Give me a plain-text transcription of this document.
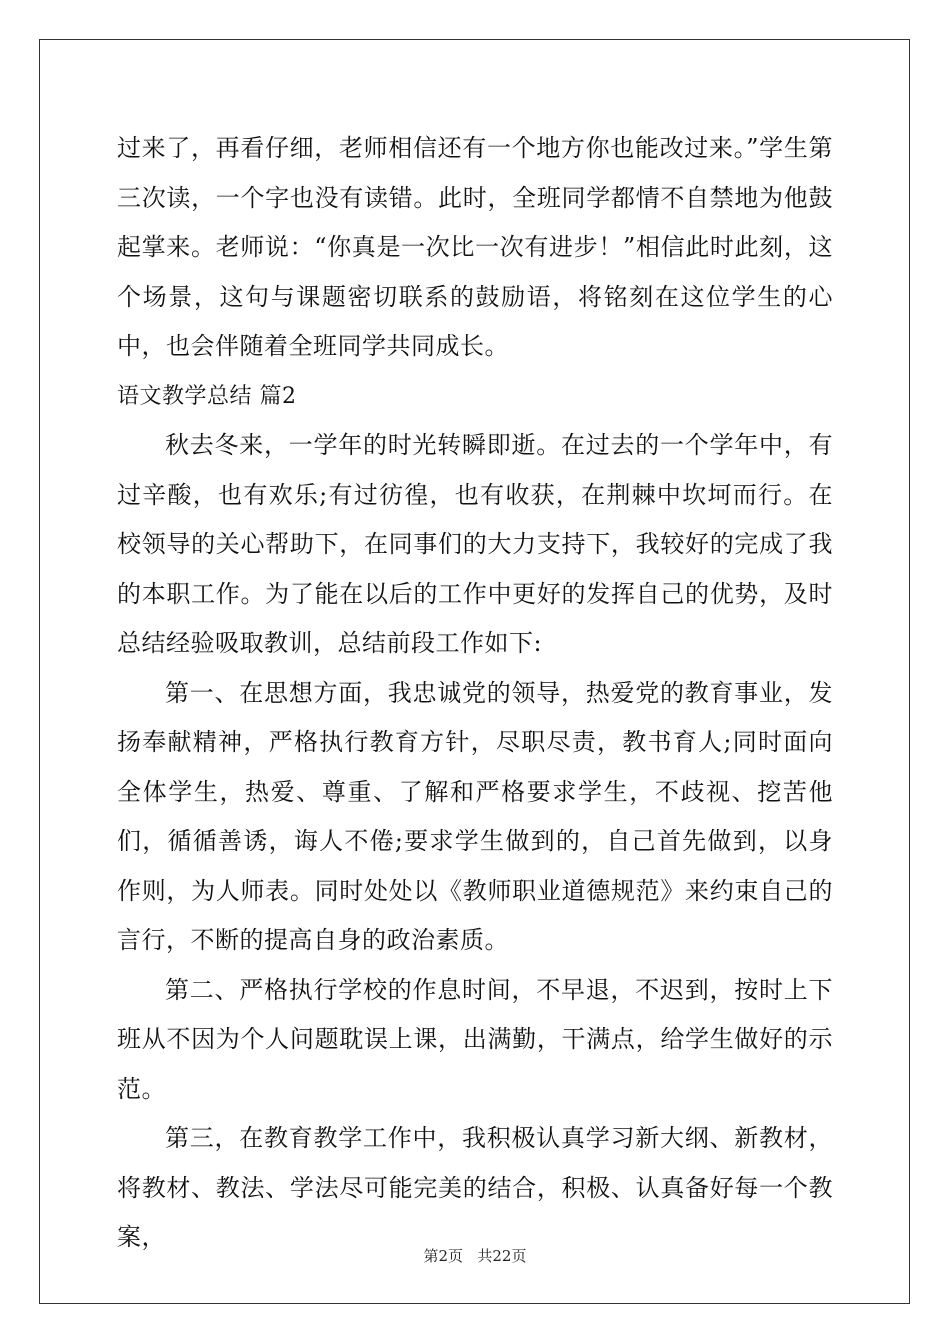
过来了，再看仔细，老师相信还有一个地方你也能改过来。”学生第三次读，一个字也没有读错。此时，全班同学都情不自禁地为他鼓起掌来。老师说：“你真是一次比一次有进步！”相信此时此刻，这个场景，这句与课题密切联系的鼓励语，将铭刻在这位学生的心中，也会伴随着全班同学共同成长。

语文教学总结 篇2

秋去冬来，一学年的时光转瞬即逝。在过去的一个学年中，有过辛酸，也有欢乐;有过彷徨，也有收获，在荆棘中坎坷而行。在校领导的关心帮助下，在同事们的大力支持下，我较好的完成了我的本职工作。为了能在以后的工作中更好的发挥自己的优势，及时总结经验吸取教训，总结前段工作如下:

第一、在思想方面，我忠诚党的领导，热爱党的教育事业，发扬奉献精神，严格执行教育方针，尽职尽责，教书育人;同时面向全体学生，热爱、尊重、了解和严格要求学生，不歧视、挖苦他们，循循善诱，诲人不倦;要求学生做到的，自己首先做到，以身作则，为人师表。同时处处以《教师职业道德规范》来约束自己的言行，不断的提高自身的政治素质。

第二、严格执行学校的作息时间，不早退，不迟到，按时上下班从不因为个人问题耽误上课，出满勤，干满点，给学生做好的示范。

第三，在教育教学工作中，我积极认真学习新大纲、新教材，将教材、教法、学法尽可能完美的结合，积极、认真备好每一个教案，

第2页 共22页
